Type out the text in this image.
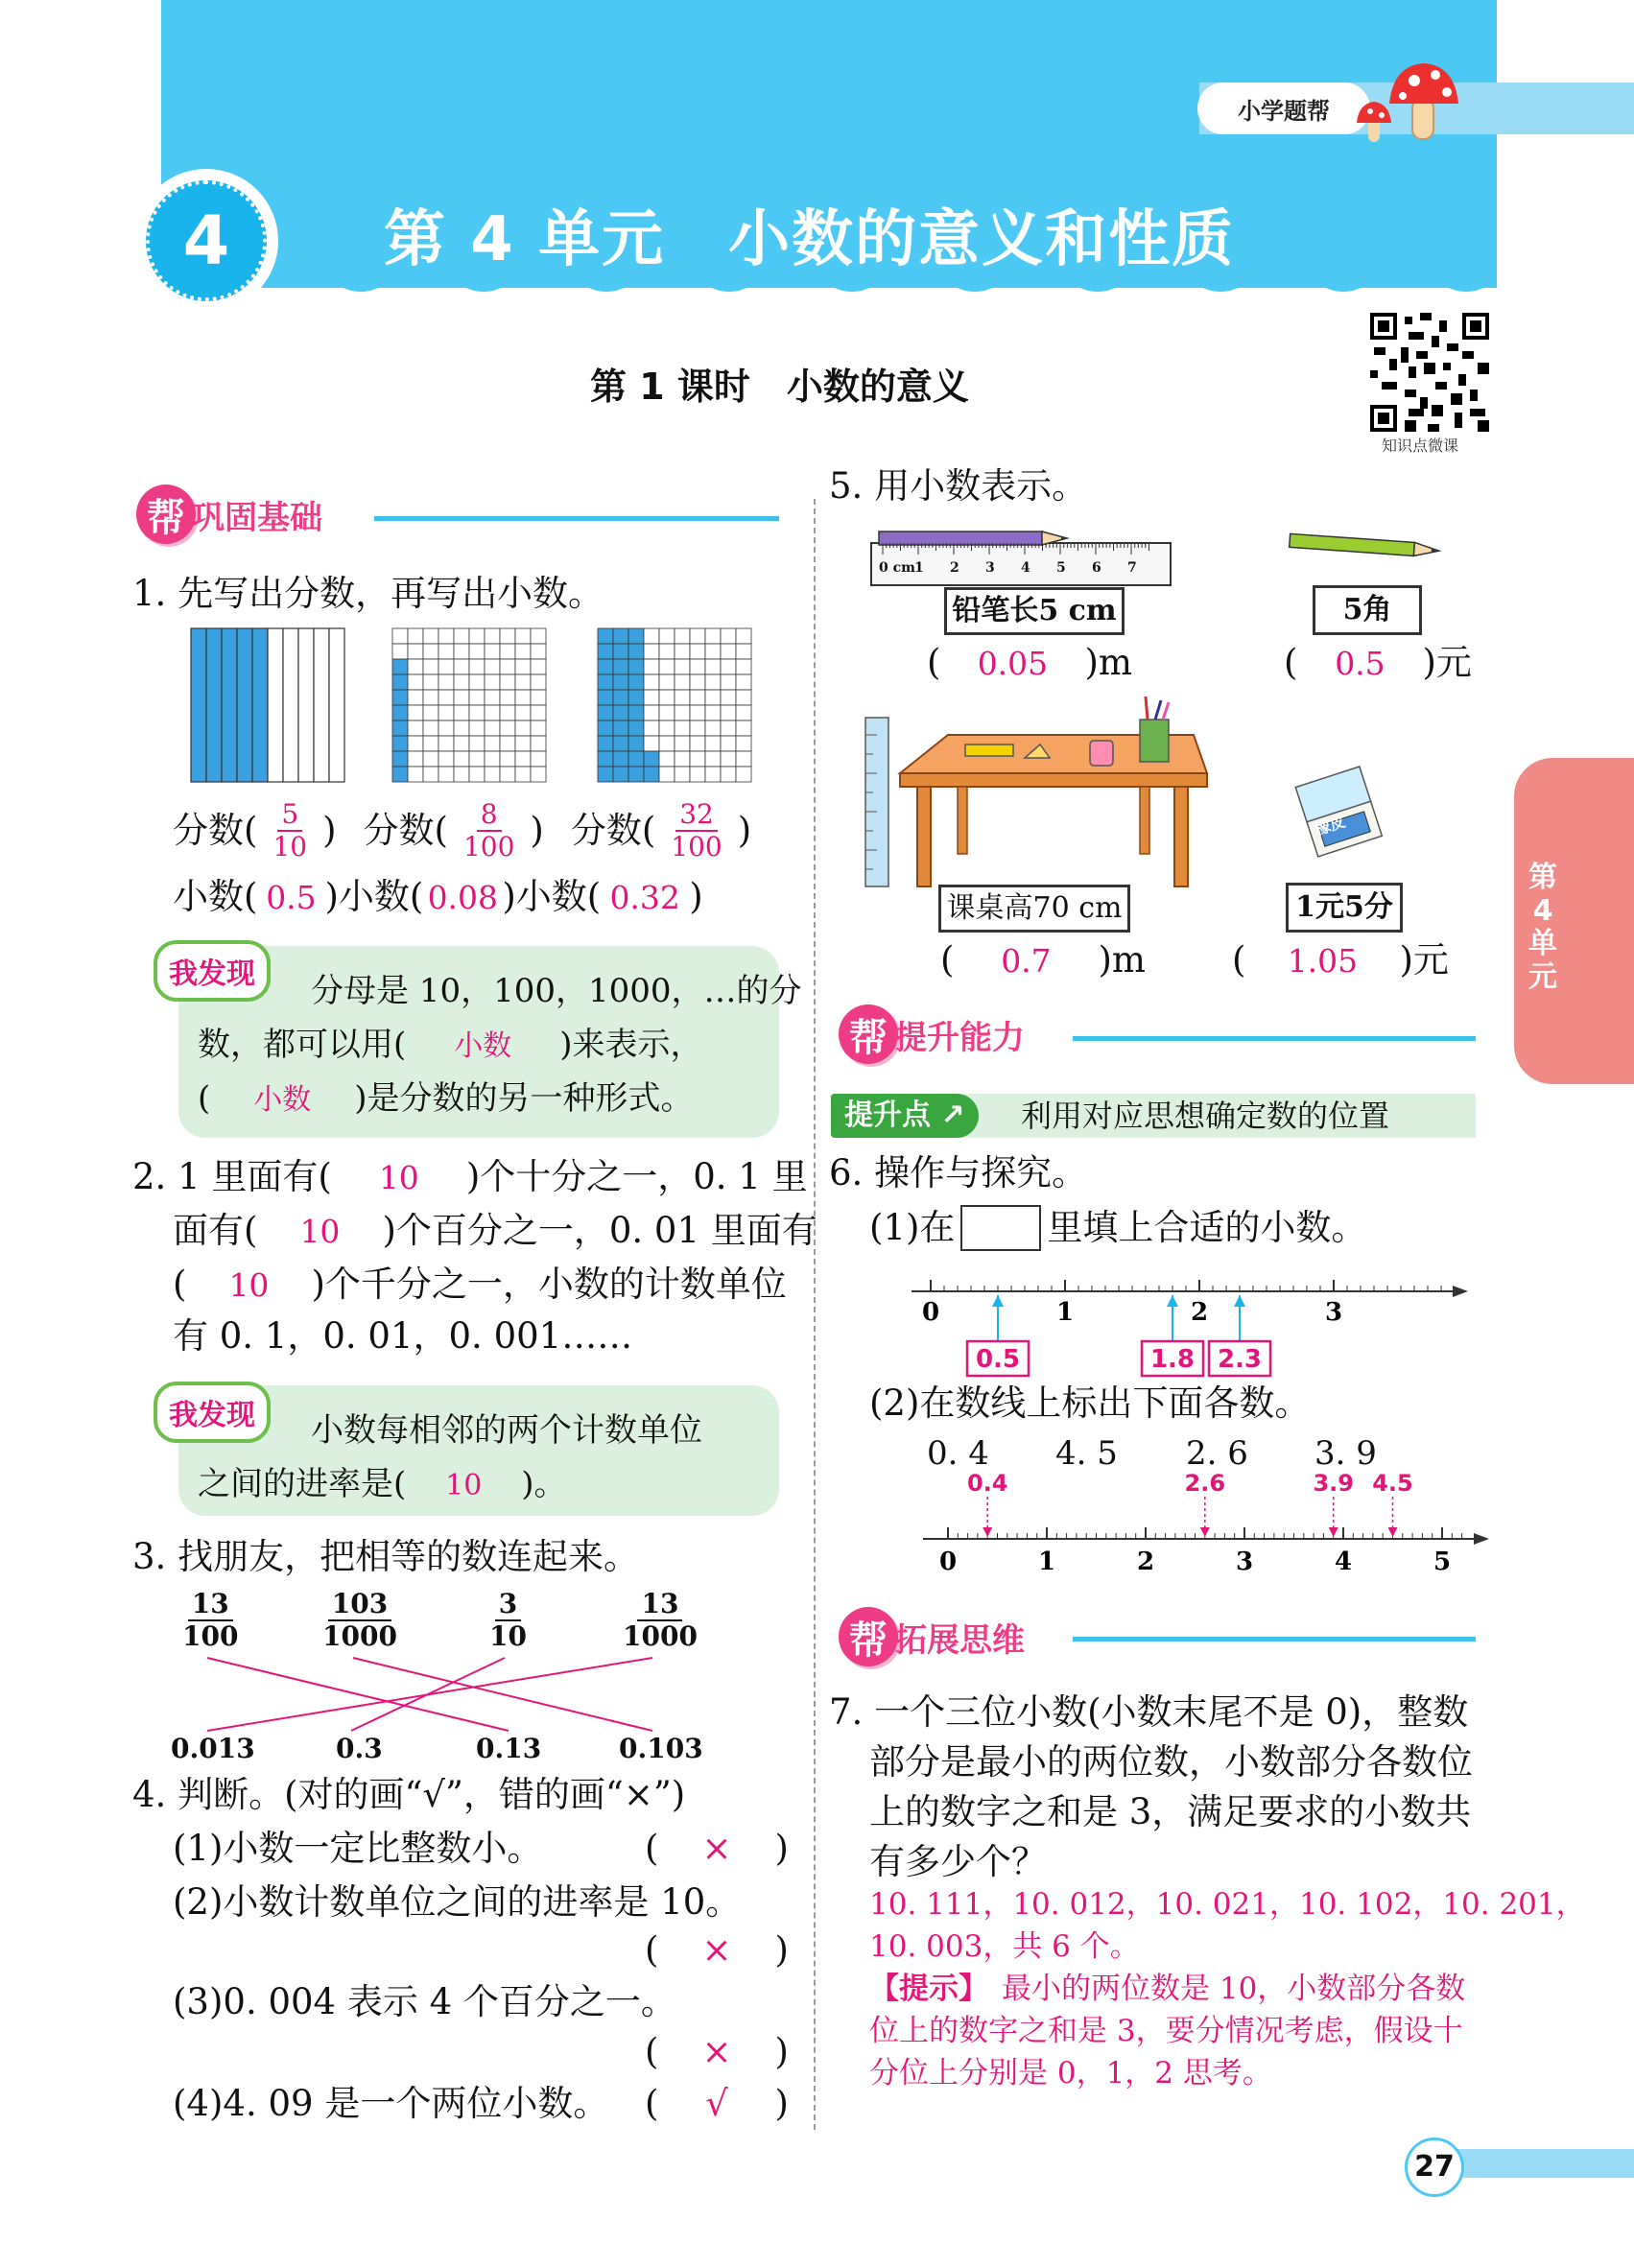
小学题帮
4	第 4 单元　小数的意义和性质
第 1 课时　小数的意义
知识点微课
第4单元
帮 巩固基础
1. 先写出分数，再写出小数。
分数( $\frac{5}{10}$ ) 分数( $\frac{8}{100}$ ) 分数( $\frac{32}{100}$ )
小数( 0.5 ) 小数( 0.08 ) 小数( 0.32 )
我发现	分母是 10，100，1000，…的分
数，都可以用( 小数 )来表示，
( 小数 )是分数的另一种形式。
2. 1 里面有( 10 )个十分之一，0. 1 里
面有( 10 )个百分之一，0. 01 里面有
( 10 )个千分之一，小数的计数单位
有 0. 1，0. 01，0. 001……
我发现	小数每相邻的两个计数单位
之间的进率是( 10 )。
3. 找朋友，把相等的数连起来。
$\frac{13}{100}$	$\frac{103}{1000}$	$\frac{3}{10}$	$\frac{13}{1000}$
0.013	0.3	0.13	0.103
4. 判断。(对的画“√”，错的画“×”)
(1)小数一定比整数小。	( × )
(2)小数计数单位之间的进率是 10。
( × )
(3)0. 004 表示 4 个百分之一。
( × )
(4)4. 09 是一个两位小数。 ( √ )
5. 用小数表示。
0 cm 1 2 3 4 5 6 7
铅笔长5 cm	5角
( 0.05 )m	( 0.5 )元
橡皮
课桌高70 cm	1元5分
( 0.7 )m ( 1.05 )元
帮 提升能力
提升点 ↗	利用对应思想确定数的位置
6. 操作与探究。
(1)在	里填上合适的小数。
0	1	2	3
0.5	1.8 2.3
(2)在数线上标出下面各数。
0. 4 4. 5 2. 6 3. 9
0	1	2	3	4	5
0.4	2.6	3.9 4.5
帮 拓展思维
7. 一个三位小数(小数末尾不是 0)，整数
部分是最小的两位数，小数部分各数位
上的数字之和是 3，满足要求的小数共
有多少个？
10. 111，10. 012，10. 021，10. 102，10. 201，
10. 003，共 6 个。
【提示】 最小的两位数是 10，小数部分各数
位上的数字之和是 3，要分情况考虑，假设十
分位上分别是 0，1，2 思考。
27
